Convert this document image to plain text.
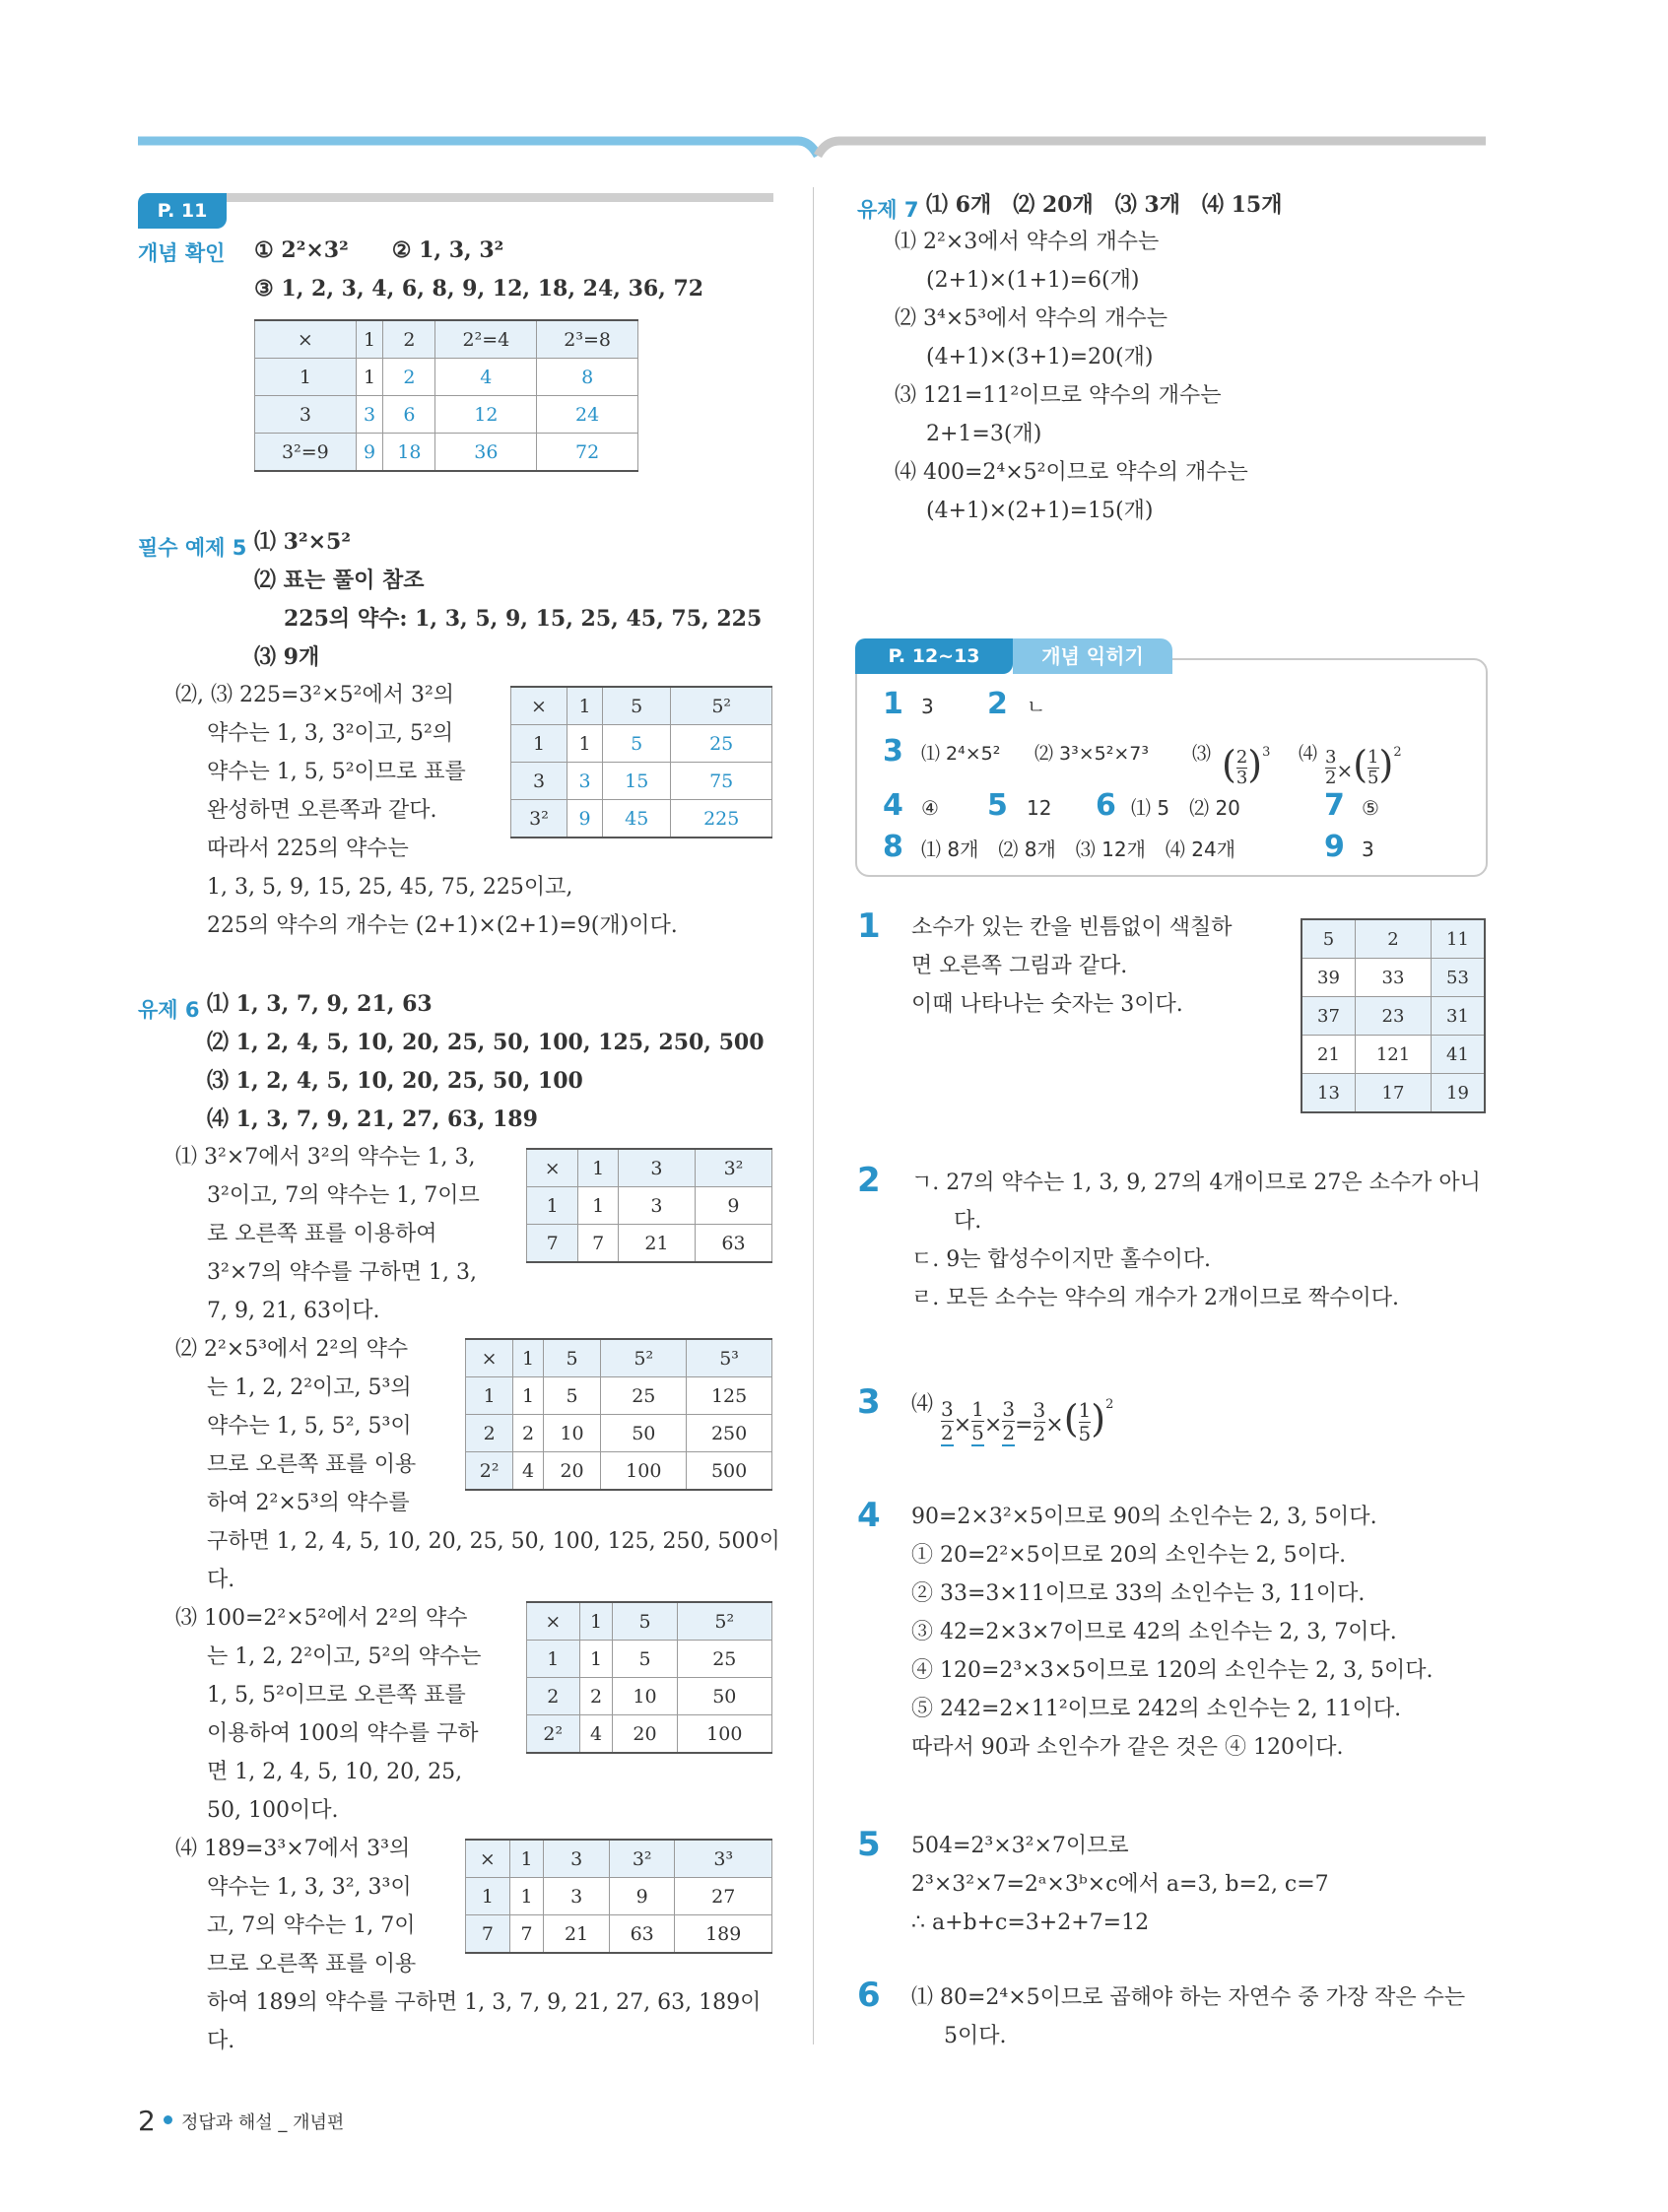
P. 11
개념 확인 ① 2²×3²　　② 1, 3, 3²
③ 1, 2, 3, 4, 6, 8, 9, 12, 18, 24, 36, 72
×	1	2	2²=4	2³=8
1	1	2	4	8
3	3	6	12	24
3²=9	9	18	36	72
필수 예제 5 ⑴ 3²×5²
⑵ 표는 풀이 참조
225의 약수: 1, 3, 5, 9, 15, 25, 45, 75, 225
⑶ 9개
⑵, ⑶ 225=3²×5²에서 3²의
약수는 1, 3, 3²이고, 5²의
약수는 1, 5, 5²이므로 표를
완성하면 오른쪽과 같다.
따라서 225의 약수는
1, 3, 5, 9, 15, 25, 45, 75, 225이고,
225의 약수의 개수는 (2+1)×(2+1)=9(개)이다.
×	1	5	5²
1	1	5	25
3	3	15	75
3²	9	45	225
유제 6 ⑴ 1, 3, 7, 9, 21, 63
⑵ 1, 2, 4, 5, 10, 20, 25, 50, 100, 125, 250, 500
⑶ 1, 2, 4, 5, 10, 20, 25, 50, 100
⑷ 1, 3, 7, 9, 21, 27, 63, 189
⑴ 3²×7에서 3²의 약수는 1, 3,
3²이고, 7의 약수는 1, 7이므
로 오른쪽 표를 이용하여
3²×7의 약수를 구하면 1, 3,
7, 9, 21, 63이다.
×	1	3	3²
1	1	3	9
7	7	21	63
⑵ 2²×5³에서 2²의 약수
는 1, 2, 2²이고, 5³의
약수는 1, 5, 5², 5³이
므로 오른쪽 표를 이용
하여 2²×5³의 약수를
구하면 1, 2, 4, 5, 10, 20, 25, 50, 100, 125, 250, 500이
다.
×	1	5	5²	5³
1	1	5	25	125
2	2	10	50	250
2²	4	20	100	500
⑶ 100=2²×5²에서 2²의 약수
는 1, 2, 2²이고, 5²의 약수는
1, 5, 5²이므로 오른쪽 표를
이용하여 100의 약수를 구하
면 1, 2, 4, 5, 10, 20, 25,
50, 100이다.
×	1	5	5²
1	1	5	25
2	2	10	50
2²	4	20	100
⑷ 189=3³×7에서 3³의
약수는 1, 3, 3², 3³이
고, 7의 약수는 1, 7이
므로 오른쪽 표를 이용
하여 189의 약수를 구하면 1, 3, 7, 9, 21, 27, 63, 189이
다.
×	1	3	3²	3³
1	1	3	9	27
7	7	21	63	189
2 정답과 해설 _ 개념편
유제 7 ⑴ 6개　⑵ 20개　⑶ 3개　⑷ 15개
⑴ 2²×3에서 약수의 개수는
(2+1)×(1+1)=6(개)
⑵ 3⁴×5³에서 약수의 개수는
(4+1)×(3+1)=20(개)
⑶ 121=11²이므로 약수의 개수는
2+1=3(개)
⑷ 400=2⁴×5²이므로 약수의 개수는
(4+1)×(2+1)=15(개)
P. 12~13	개념 익히기
1 3 2 ㄴ
3 ⑴ 2⁴×5² ⑵ 3³×5²×7³ ⑶ ( $\frac{2}{3} )^3$ ⑷ $\frac{3}{2}$ ×( $\frac{1}{5} )^2$
4 ④ 5 12 6 ⑴ 5　⑵ 20	7 ⑤
8 ⑴ 8개　⑵ 8개　⑶ 12개　⑷ 24개	9 3
1 소수가 있는 칸을 빈틈없이 색칠하
면 오른쪽 그림과 같다.
이때 나타나는 숫자는 3이다.
5	2	11
39	33	53
37	23	31
21	121	41
13	17	19
2 ㄱ. 27의 약수는 1, 3, 9, 27의 4개이므로 27은 소수가 아니
다.
ㄷ. 9는 합성수이지만 홀수이다.
ㄹ. 모든 소수는 약수의 개수가 2개이므로 짝수이다.
3 ⑷ $\frac{3}{2} \times \frac{1}{5} \times \frac{3}{2} = \frac{3}{2}$ ×( $\frac{1}{5} )^2$
4 90=2×3²×5이므로 90의 소인수는 2, 3, 5이다.
① 20=2²×5이므로 20의 소인수는 2, 5이다.
② 33=3×11이므로 33의 소인수는 3, 11이다.
③ 42=2×3×7이므로 42의 소인수는 2, 3, 7이다.
④ 120=2³×3×5이므로 120의 소인수는 2, 3, 5이다.
⑤ 242=2×11²이므로 242의 소인수는 2, 11이다.
따라서 90과 소인수가 같은 것은 ④ 120이다.
5 504=2³×3²×7이므로
2³×3²×7=2ᵃ×3ᵇ×c에서 a=3, b=2, c=7
∴ a+b+c=3+2+7=12
6 ⑴ 80=2⁴×5이므로 곱해야 하는 자연수 중 가장 작은 수는
5이다.
